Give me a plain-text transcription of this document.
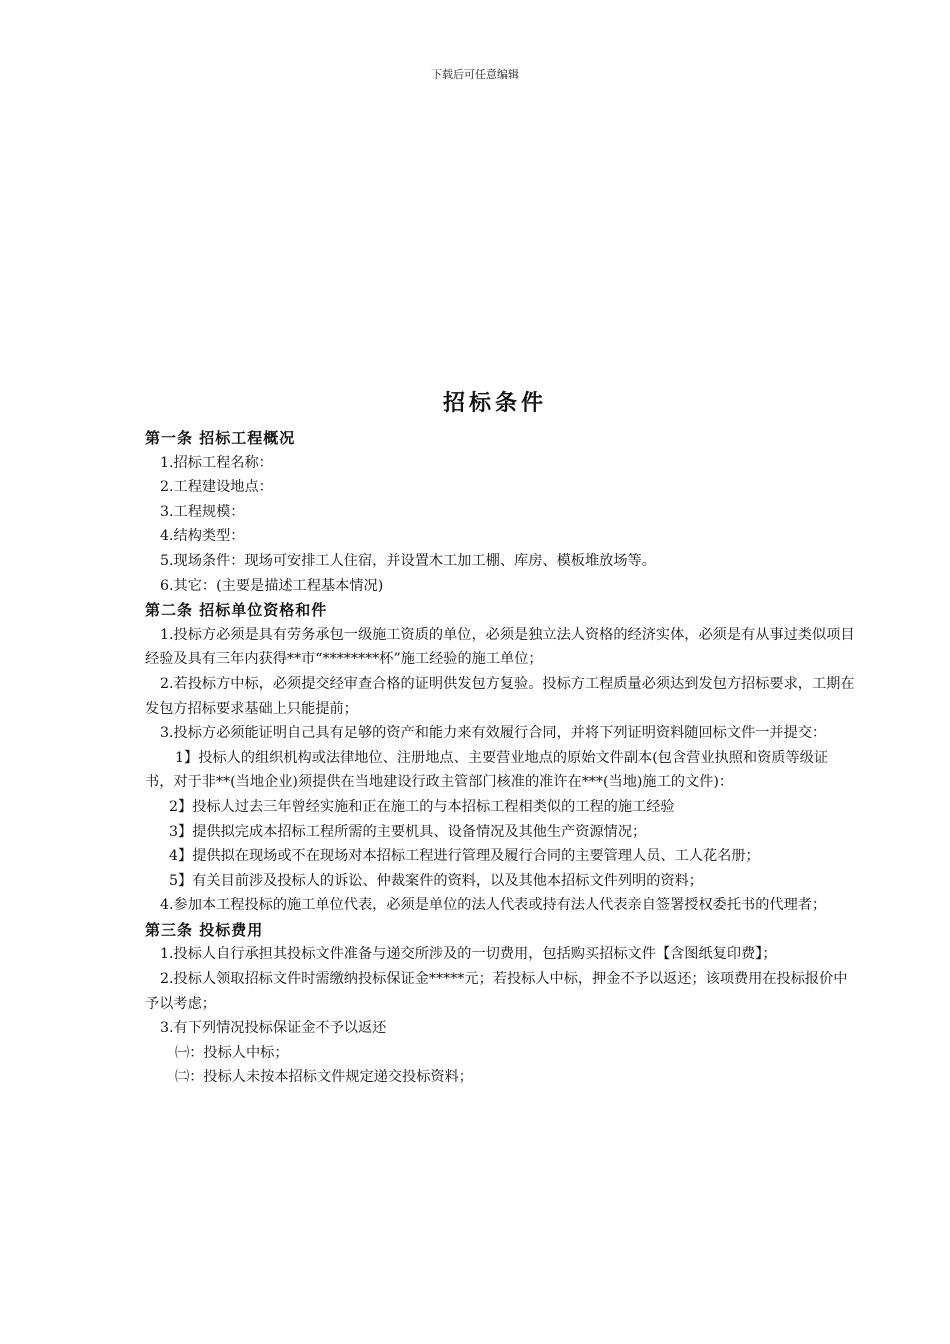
下载后可任意编辑
招标条件

第一条 招标工程概况

1.招标工程名称：

2.工程建设地点：

3.工程规模：

4.结构类型：

5.现场条件：现场可安排工人住宿，并设置木工加工棚、库房、模板堆放场等。

6.其它：(主要是描述工程基本情况)

第二条 招标单位资格和件

1.投标方必须是具有劳务承包一级施工资质的单位，必须是独立法人资格的经济实体，必须是有从事过类似项目经验及具有三年内获得**市“********杯”施工经验的施工单位；

2.若投标方中标，必须提交经审查合格的证明供发包方复验。投标方工程质量必须达到发包方招标要求，工期在发包方招标要求基础上只能提前；

3.投标方必须能证明自己具有足够的资产和能力来有效履行合同，并将下列证明资料随回标文件一并提交：

1】投标人的组织机构或法律地位、注册地点、主要营业地点的原始文件副本(包含营业执照和资质等级证书，对于非**(当地企业)须提供在当地建设行政主管部门核准的准许在***(当地)施工的文件)：

2】投标人过去三年曾经实施和正在施工的与本招标工程相类似的工程的施工经验

3】提供拟完成本招标工程所需的主要机具、设备情况及其他生产资源情况；

4】提供拟在现场或不在现场对本招标工程进行管理及履行合同的主要管理人员、工人花名册；

5】有关目前涉及投标人的诉讼、仲裁案件的资料，以及其他本招标文件列明的资料；

4.参加本工程投标的施工单位代表，必须是单位的法人代表或持有法人代表亲自签署授权委托书的代理者；

第三条 投标费用

1.投标人自行承担其投标文件准备与递交所涉及的一切费用，包括购买招标文件【含图纸复印费】；

2.投标人领取招标文件时需缴纳投标保证金*****元；若投标人中标，押金不予以返还；该项费用在投标报价中予以考虑；

3.有下列情况投标保证金不予以返还

㈠：投标人中标；

㈡：投标人未按本招标文件规定递交投标资料；
